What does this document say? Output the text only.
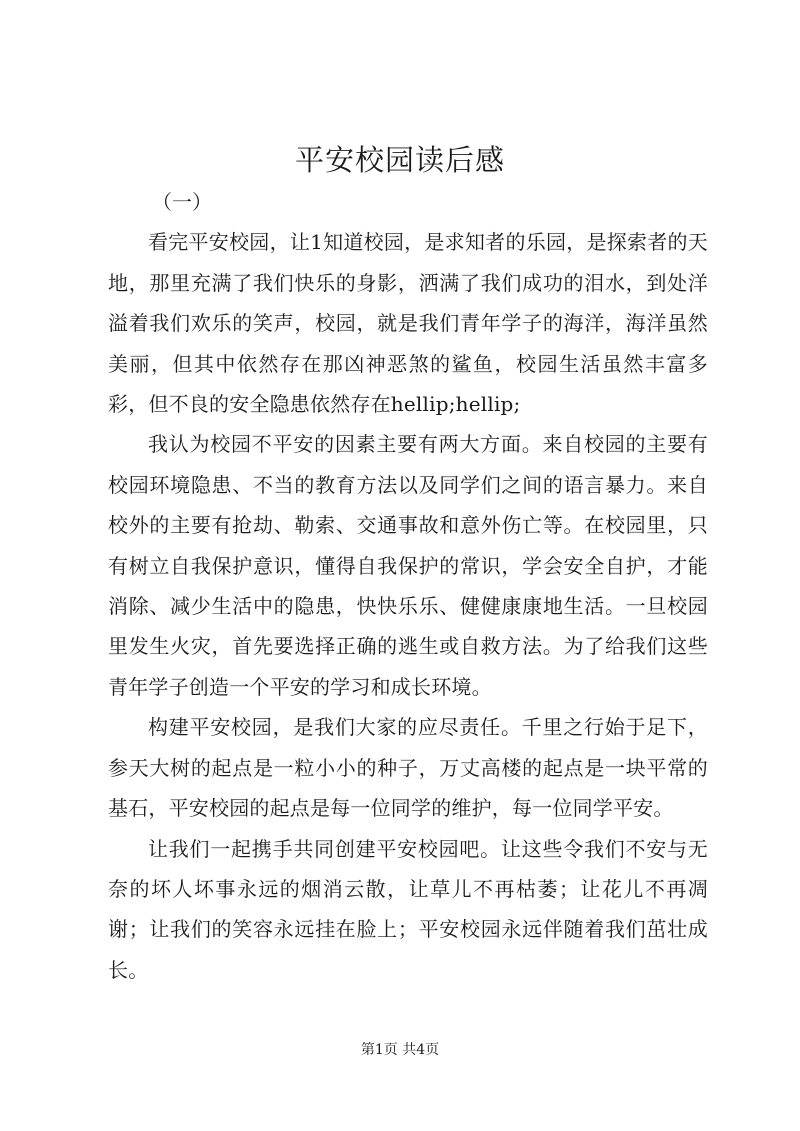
平安校园读后感

（一）

看完平安校园，让1知道校园，是求知者的乐园，是探索者的天地，那里充满了我们快乐的身影，洒满了我们成功的泪水，到处洋溢着我们欢乐的笑声，校园，就是我们青年学子的海洋，海洋虽然美丽，但其中依然存在那凶神恶煞的鲨鱼，校园生活虽然丰富多彩，但不良的安全隐患依然存在hellip;hellip;

我认为校园不平安的因素主要有两大方面。来自校园的主要有校园环境隐患、不当的教育方法以及同学们之间的语言暴力。来自校外的主要有抢劫、勒索、交通事故和意外伤亡等。在校园里，只有树立自我保护意识，懂得自我保护的常识，学会安全自护，才能消除、减少生活中的隐患，快快乐乐、健健康康地生活。一旦校园里发生火灾，首先要选择正确的逃生或自救方法。为了给我们这些青年学子创造一个平安的学习和成长环境。

构建平安校园，是我们大家的应尽责任。千里之行始于足下，参天大树的起点是一粒小小的种子，万丈高楼的起点是一块平常的基石，平安校园的起点是每一位同学的维护，每一位同学平安。

让我们一起携手共同创建平安校园吧。让这些令我们不安与无奈的坏人坏事永远的烟消云散，让草儿不再枯萎；让花儿不再凋谢；让我们的笑容永远挂在脸上；平安校园永远伴随着我们茁壮成长。

第1页 共4页
